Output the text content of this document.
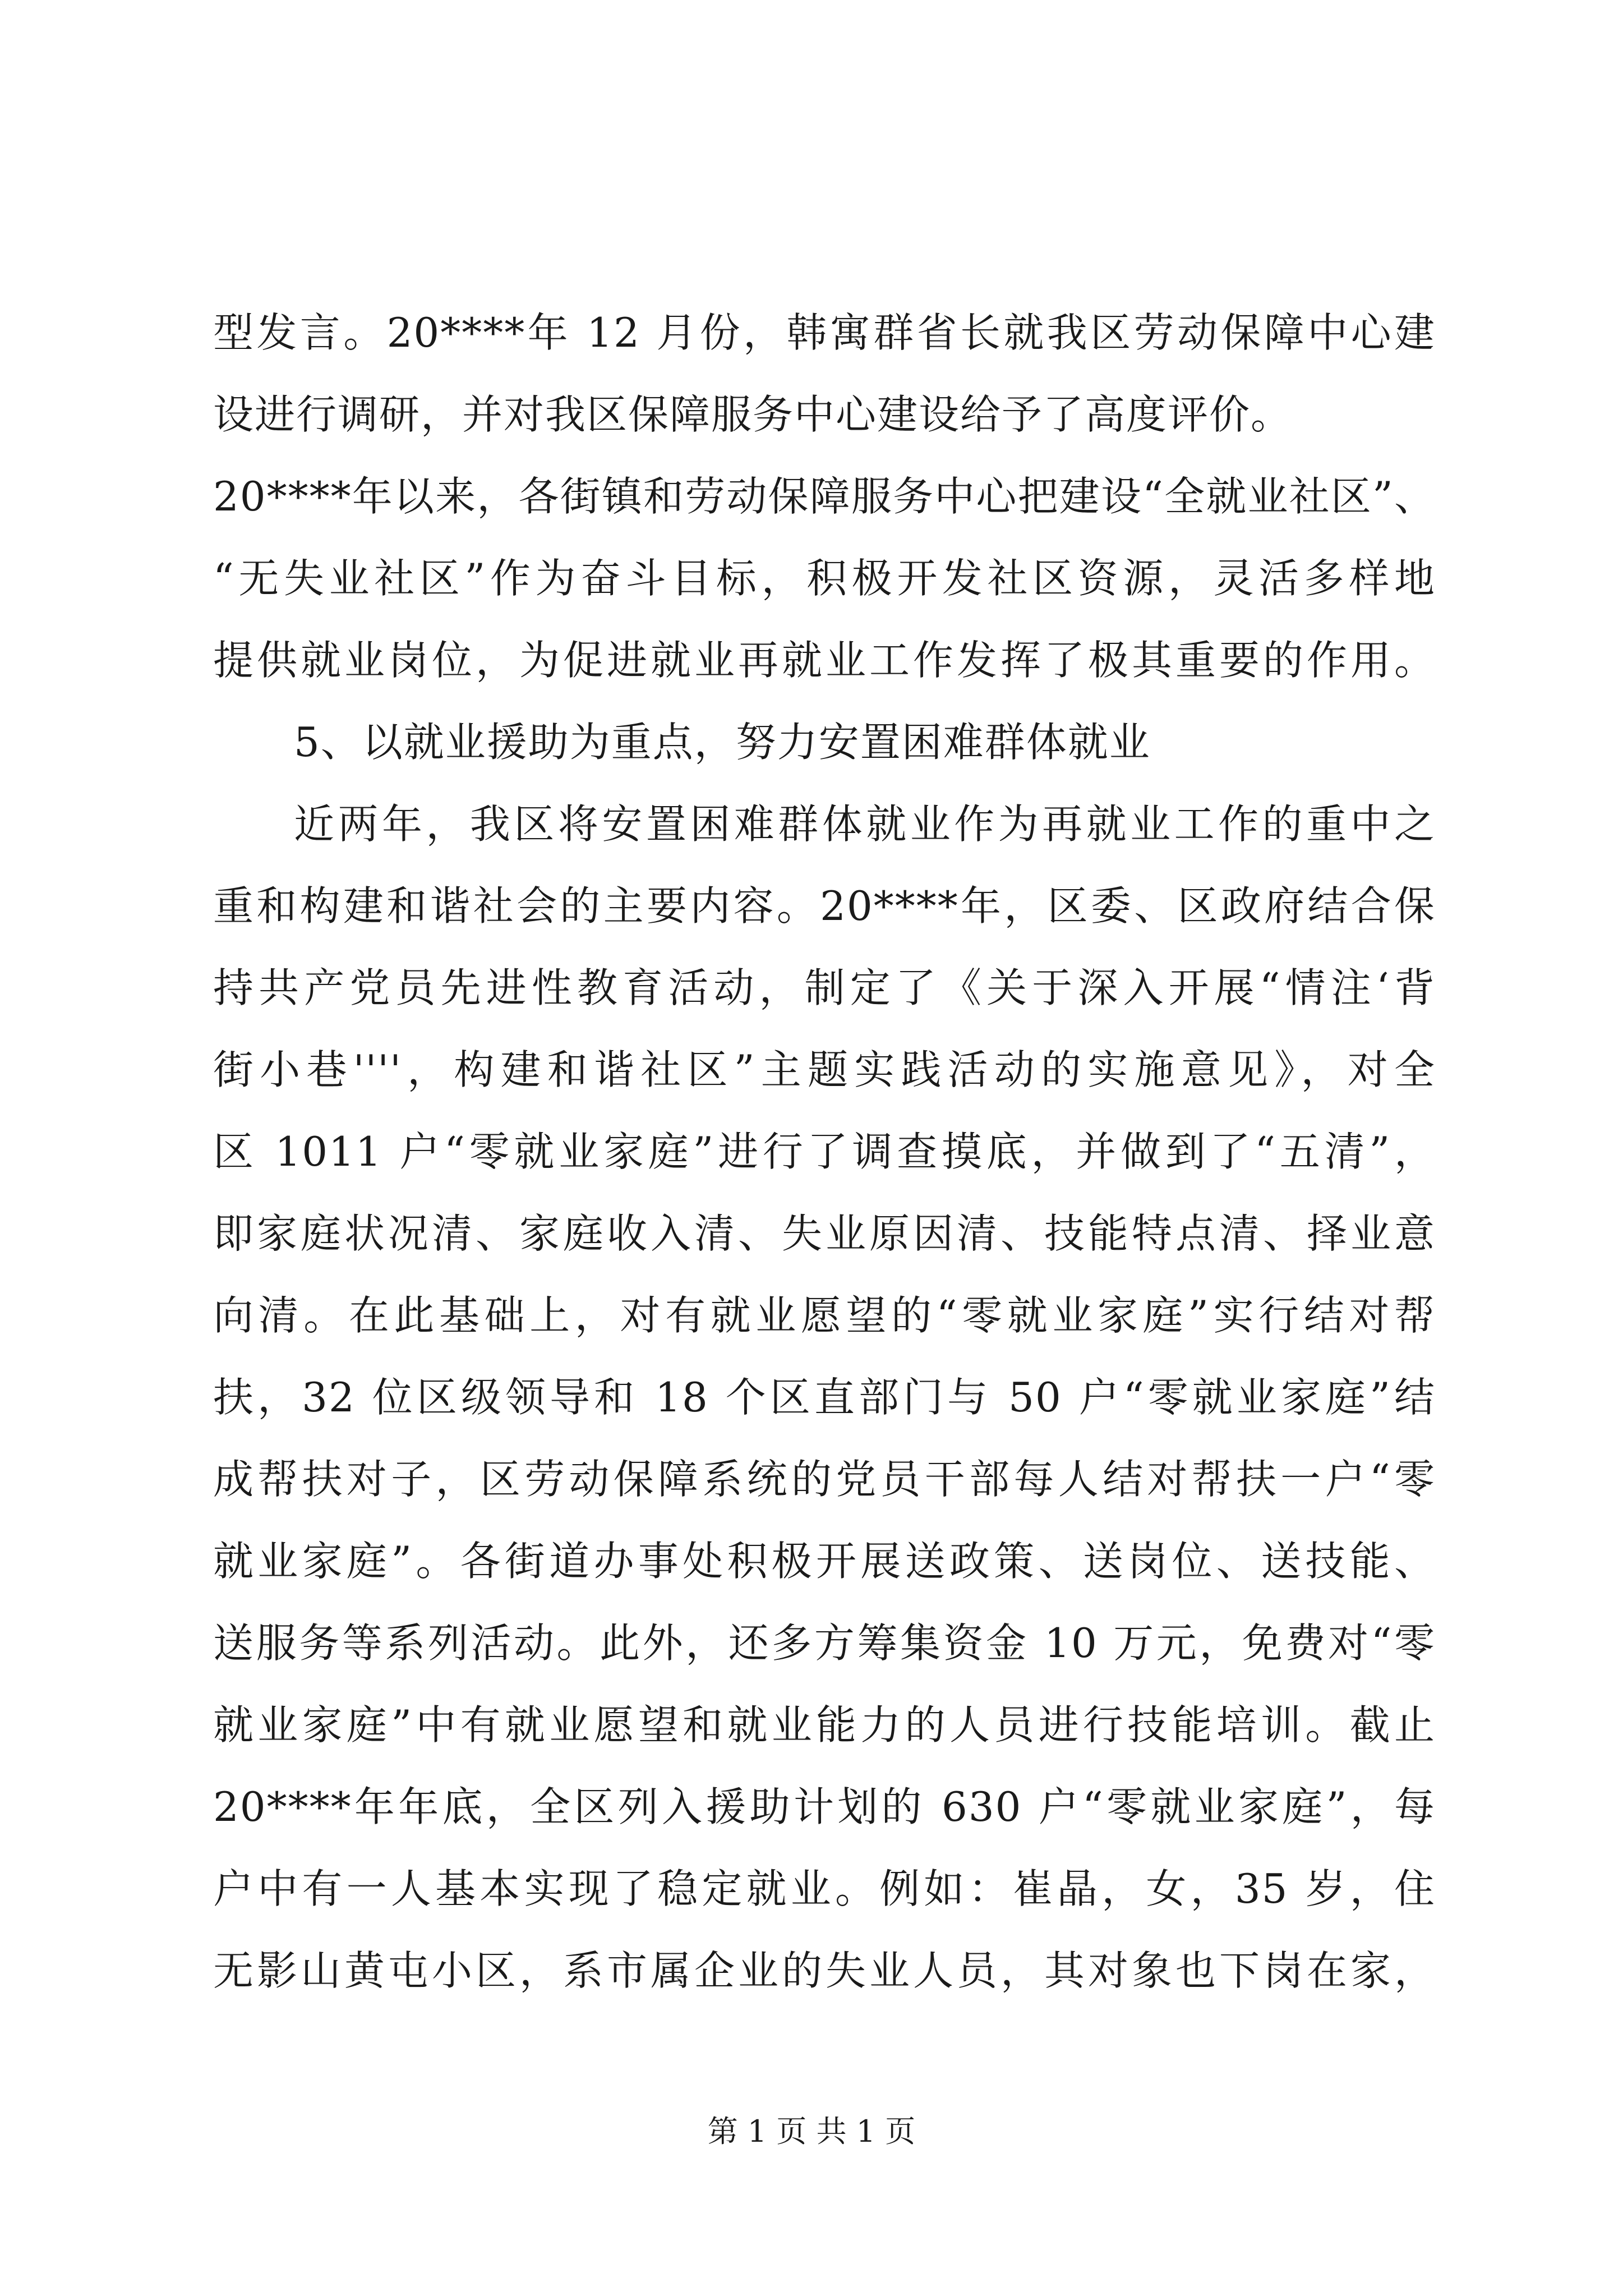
型发言。20****年 12 月份，韩寓群省长就我区劳动保障中心建
设进行调研，并对我区保障服务中心建设给予了高度评价。
20****年以来，各街镇和劳动保障服务中心把建设“全就业社区”、
“无失业社区”作为奋斗目标，积极开发社区资源，灵活多样地
提供就业岗位，为促进就业再就业工作发挥了极其重要的作用。
5、以就业援助为重点，努力安置困难群体就业
近两年，我区将安置困难群体就业作为再就业工作的重中之
重和构建和谐社会的主要内容。20****年，区委、区政府结合保
持共产党员先进性教育活动，制定了《关于深入开展“情注‘背
街小巷''''，构建和谐社区”主题实践活动的实施意见》，对全
区 1011 户“零就业家庭”进行了调查摸底，并做到了“五清”，
即家庭状况清、家庭收入清、失业原因清、技能特点清、择业意
向清。在此基础上，对有就业愿望的“零就业家庭”实行结对帮
扶，32 位区级领导和 18 个区直部门与 50 户“零就业家庭”结
成帮扶对子，区劳动保障系统的党员干部每人结对帮扶一户“零
就业家庭”。各街道办事处积极开展送政策、送岗位、送技能、
送服务等系列活动。此外，还多方筹集资金 10 万元，免费对“零
就业家庭”中有就业愿望和就业能力的人员进行技能培训。截止
20****年年底，全区列入援助计划的 630 户“零就业家庭”，每
户中有一人基本实现了稳定就业。例如：崔晶，女，35 岁，住
无影山黄屯小区，系市属企业的失业人员，其对象也下岗在家，
第 1 页 共 1 页
